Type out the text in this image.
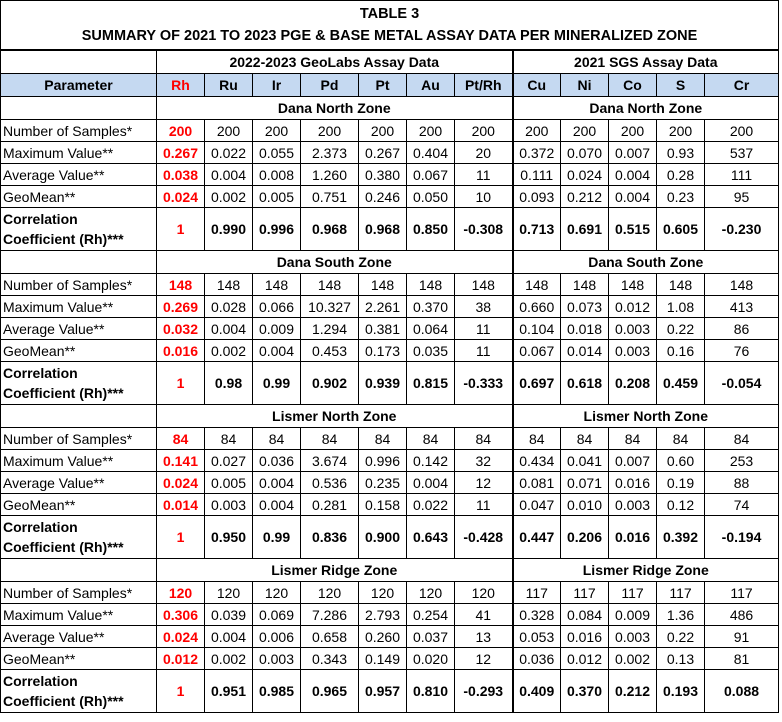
TABLE 3
SUMMARY OF 2021 TO 2023 PGE & BASE METAL ASSAY DATA PER MINERALIZED ZONE												

	2022-2023 GeoLabs Assay Data							2021 SGS Assay Data				
Parameter	Rh	Ru	Ir	Pd	Pt	Au	Pt/Rh	Cu	Ni	Co	S	Cr
	Dana North Zone							Dana North Zone				
Number of Samples*	200	200	200	200	200	200	200	200	200	200	200	200
Maximum Value**	0.267	0.022	0.055	2.373	0.267	0.404	20	0.372	0.070	0.007	0.93	537
Average Value**	0.038	0.004	0.008	1.260	0.380	0.067	11	0.111	0.024	0.004	0.28	111
GeoMean**	0.024	0.002	0.005	0.751	0.246	0.050	10	0.093	0.212	0.004	0.23	95

Correlation
Coefficient (Rh)***	1	0.990	0.996	0.968	0.968	0.850	-0.308	0.713	0.691	0.515	0.605	-0.230
	Dana South Zone							Dana South Zone				
Number of Samples*	148	148	148	148	148	148	148	148	148	148	148	148
Maximum Value**	0.269	0.028	0.066	10.327	2.261	0.370	38	0.660	0.073	0.012	1.08	413
Average Value**	0.032	0.004	0.009	1.294	0.381	0.064	11	0.104	0.018	0.003	0.22	86
GeoMean**	0.016	0.002	0.004	0.453	0.173	0.035	11	0.067	0.014	0.003	0.16	76

Correlation
Coefficient (Rh)***	1	0.98	0.99	0.902	0.939	0.815	-0.333	0.697	0.618	0.208	0.459	-0.054
	Lismer North Zone							Lismer North Zone				
Number of Samples*	84	84	84	84	84	84	84	84	84	84	84	84
Maximum Value**	0.141	0.027	0.036	3.674	0.996	0.142	32	0.434	0.041	0.007	0.60	253
Average Value**	0.024	0.005	0.004	0.536	0.235	0.004	12	0.081	0.071	0.016	0.19	88
GeoMean**	0.014	0.003	0.004	0.281	0.158	0.022	11	0.047	0.010	0.003	0.12	74

Correlation
Coefficient (Rh)***	1	0.950	0.99	0.836	0.900	0.643	-0.428	0.447	0.206	0.016	0.392	-0.194
	Lismer Ridge Zone							Lismer Ridge Zone				
Number of Samples*	120	120	120	120	120	120	120	117	117	117	117	117
Maximum Value**	0.306	0.039	0.069	7.286	2.793	0.254	41	0.328	0.084	0.009	1.36	486
Average Value**	0.024	0.004	0.006	0.658	0.260	0.037	13	0.053	0.016	0.003	0.22	91
GeoMean**	0.012	0.002	0.003	0.343	0.149	0.020	12	0.036	0.012	0.002	0.13	81

Correlation
Coefficient (Rh)***	1	0.951	0.985	0.965	0.957	0.810	-0.293	0.409	0.370	0.212	0.193	0.088
